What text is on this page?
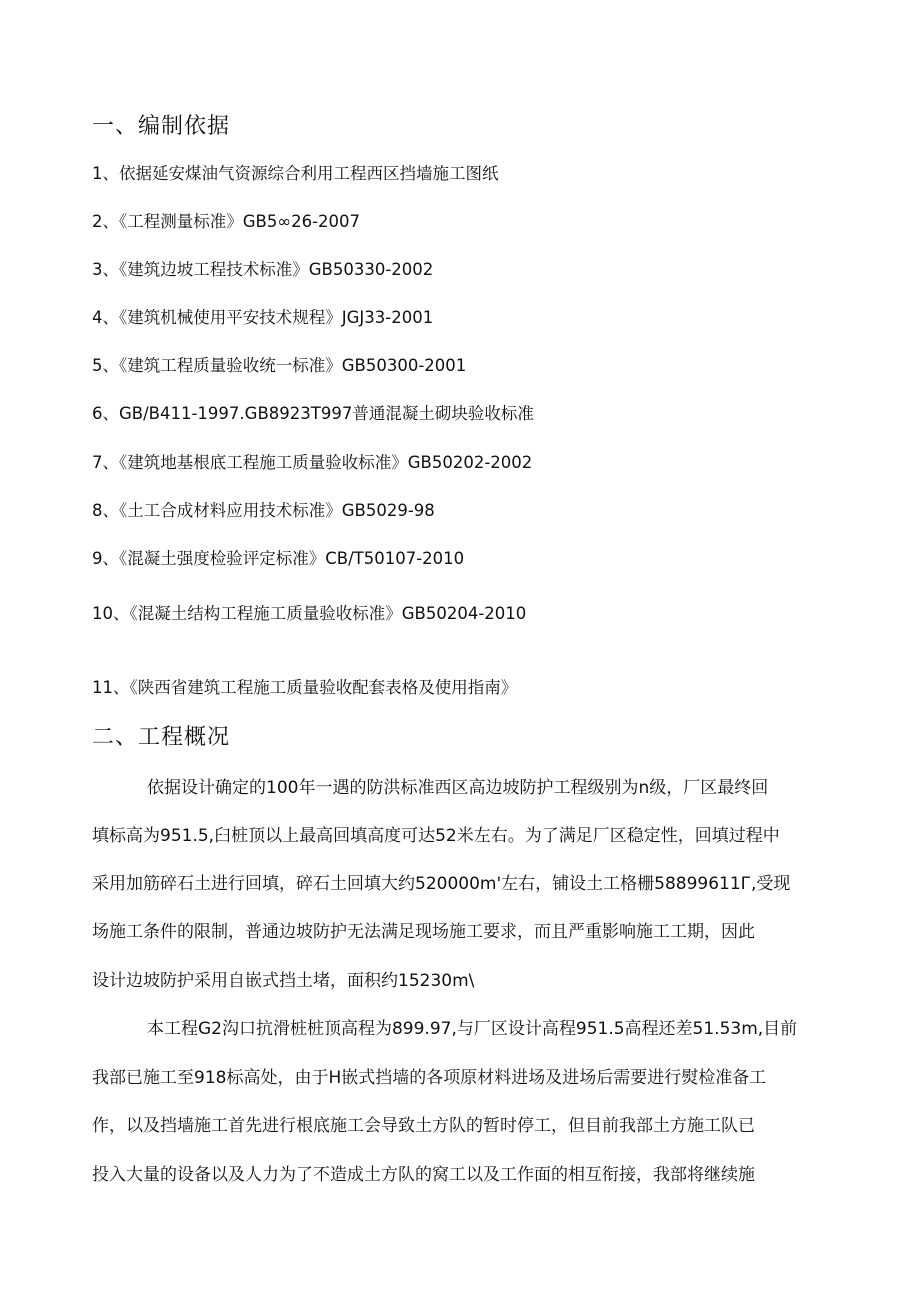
一、编制依据

1、依据延安煤油气资源综合利用工程西区挡墙施工图纸

2、《工程测量标准》GB5∞26-2007

3、《建筑边坡工程技术标准》GB50330-2002

4、《建筑机械使用平安技术规程》JGJ33-2001

5、《建筑工程质量验收统一标准》GB50300-2001

6、GB/B411-1997.GB8923T997普通混凝土砌块验收标准

7、《建筑地基根底工程施工质量验收标准》GB50202-2002

8、《土工合成材料应用技术标准》GB5029-98

9、《混凝土强度检验评定标准》CB/T50107-2010

10、《混凝土结构工程施工质量验收标准》GB50204-2010

11、《陕西省建筑工程施工质量验收配套表格及使用指南》

二、工程概况

依据设计确定的100年一遇的防洪标准西区高边坡防护工程级别为n级，厂区最终回

填标高为951.5,臼桩顶以上最高回填高度可达52米左右。为了满足厂区稳定性，回填过程中

采用加筋碎石土进行回填，碎石土回填大约520000m'左右，铺设土工格栅58899611Г,受现

场施工条件的限制，普通边坡防护无法满足现场施工要求，而且严重影响施工工期，因此

设计边坡防护采用自嵌式挡土堵，面积约15230m\

本工程G2沟口抗滑桩桩顶高程为899.97,与厂区设计高程951.5高程还差51.53m,目前

我部已施工至918标高处，由于H嵌式挡墙的各项原材料进场及进场后需要进行熨检准备工

作，以及挡墙施工首先进行根底施工会导致土方队的暂时停工，但目前我部土方施工队已

投入大量的设备以及人力为了不造成土方队的窝工以及工作面的相互衔接，我部将继续施
